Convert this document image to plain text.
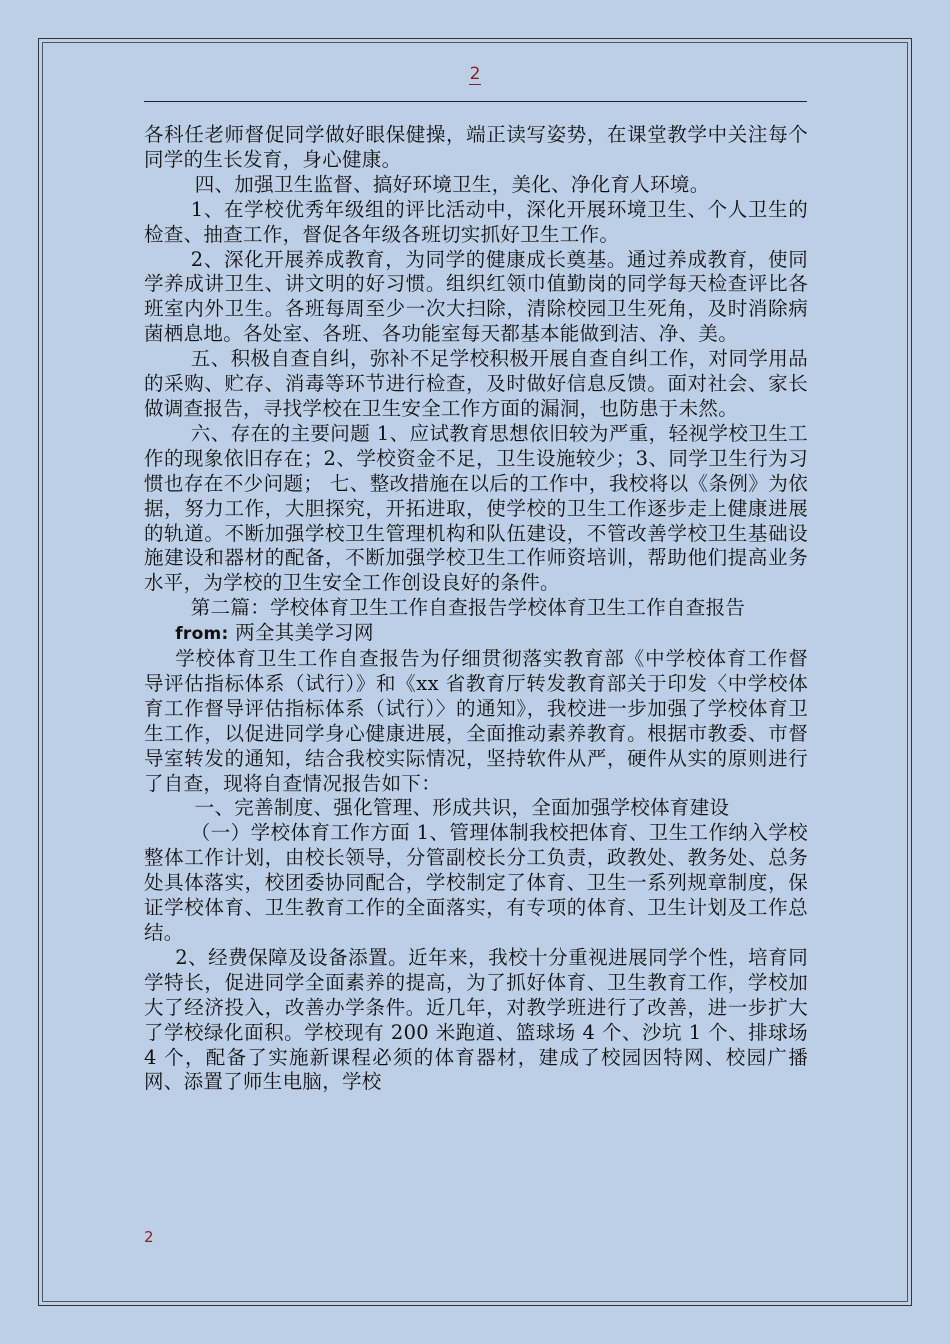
2

各科任老师督促同学做好眼保健操，端正读写姿势，在课堂教学中关注每个同学的生长发育，身心健康。

四、加强卫生监督、搞好环境卫生，美化、净化育人环境。

1、在学校优秀年级组的评比活动中，深化开展环境卫生、个人卫生的检查、抽查工作，督促各年级各班切实抓好卫生工作。

2、深化开展养成教育，为同学的健康成长奠基。通过养成教育，使同学养成讲卫生、讲文明的好习惯。组织红领巾值勤岗的同学每天检查评比各班室内外卫生。各班每周至少一次大扫除，清除校园卫生死角，及时消除病菌栖息地。各处室、各班、各功能室每天都基本能做到洁、净、美。

五、积极自查自纠，弥补不足学校积极开展自查自纠工作，对同学用品的采购、贮存、消毒等环节进行检查，及时做好信息反馈。面对社会、家长做调查报告，寻找学校在卫生安全工作方面的漏洞，也防患于未然。

六、存在的主要问题 1、应试教育思想依旧较为严重，轻视学校卫生工作的现象依旧存在；2、学校资金不足，卫生设施较少；3、同学卫生行为习惯也存在不少问题； 七、整改措施在以后的工作中，我校将以《条例》为依据，努力工作，大胆探究，开拓进取，使学校的卫生工作逐步走上健康进展的轨道。不断加强学校卫生管理机构和队伍建设，不管改善学校卫生基础设施建设和器材的配备，不断加强学校卫生工作师资培训，帮助他们提高业务水平，为学校的卫生安全工作创设良好的条件。

第二篇：学校体育卫生工作自查报告学校体育卫生工作自查报告

from: 两全其美学习网

学校体育卫生工作自查报告为仔细贯彻落实教育部《中学校体育工作督导评估指标体系（试行）》和《xx 省教育厅转发教育部关于印发〈中学校体育工作督导评估指标体系（试行）〉的通知》，我校进一步加强了学校体育卫生工作，以促进同学身心健康进展，全面推动素养教育。根据市教委、市督导室转发的通知，结合我校实际情况，坚持软件从严，硬件从实的原则进行了自查，现将自查情况报告如下：

一、完善制度、强化管理、形成共识，全面加强学校体育建设

（一）学校体育工作方面 1、管理体制我校把体育、卫生工作纳入学校整体工作计划，由校长领导，分管副校长分工负责，政教处、教务处、总务处具体落实，校团委协同配合，学校制定了体育、卫生一系列规章制度，保证学校体育、卫生教育工作的全面落实，有专项的体育、卫生计划及工作总结。

2、经费保障及设备添置。近年来，我校十分重视进展同学个性，培育同学特长，促进同学全面素养的提高，为了抓好体育、卫生教育工作，学校加大了经济投入，改善办学条件。近几年，对教学班进行了改善，进一步扩大了学校绿化面积。学校现有 200 米跑道、篮球场 4 个、沙坑 1 个、排球场 4 个，配备了实施新课程必须的体育器材，建成了校园因特网、校园广播网、添置了师生电脑，学校

2
